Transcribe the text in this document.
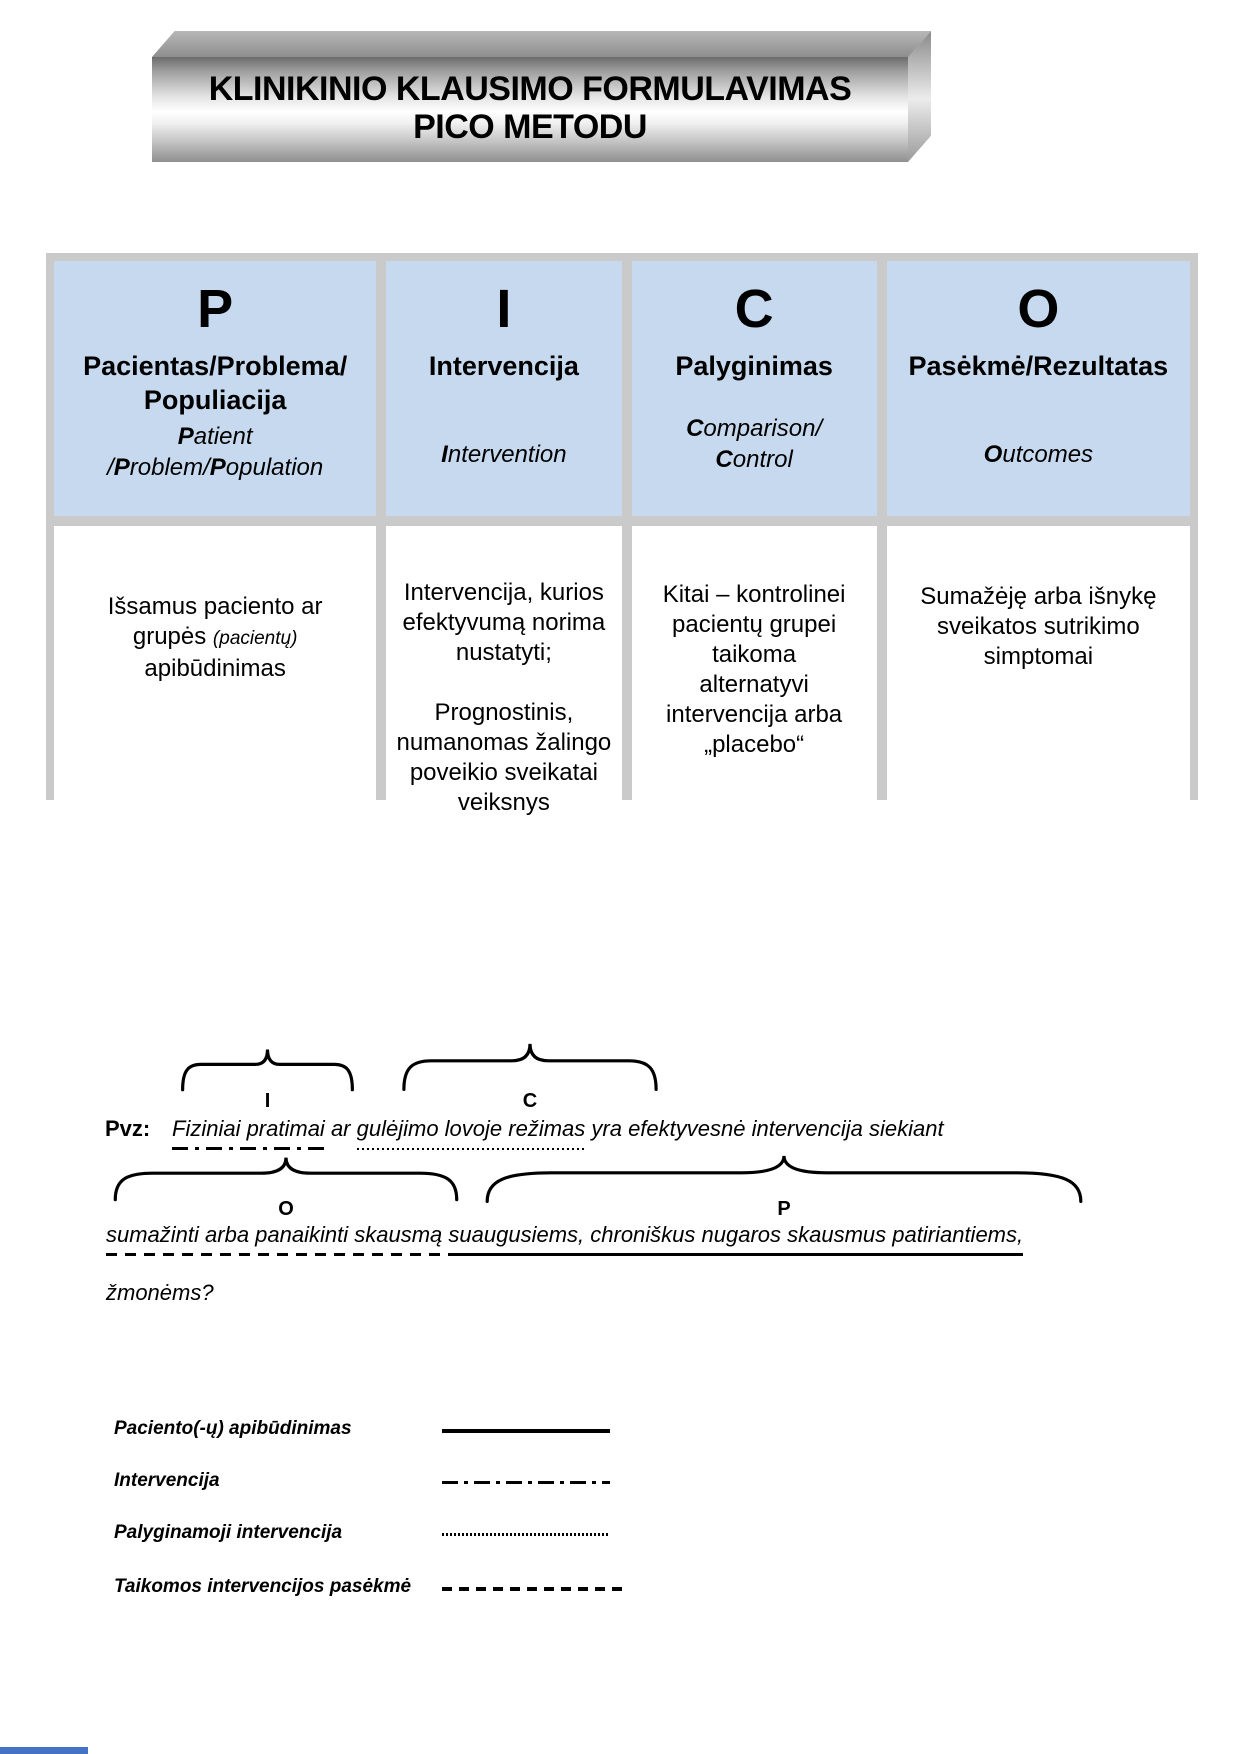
KLINIKINIO KLAUSIMO FORMULAVIMAS
PICO METODU
P
Pacientas/Problema/
Populiacija
Patient
/Problem/Population
I
Intervencija
Intervention
C
Palyginimas
Comparison/
Control
O
Pasėkmė/Rezultatas
Outcomes
Išsamus paciento ar
grupės (pacientų)
apibūdinimas
Intervencija, kurios
efektyvumą norima
nustatyti;

Prognostinis,
numanomas žalingo
poveikio sveikatai
veiksnys
Kitai – kontrolinei
pacientų grupei
taikoma
alternatyvi
intervencija arba
„placebo“
Sumažėję arba išnykę
sveikatos sutrikimo
simptomai
I	C
Pvz: Fiziniai pratimai ar gulėjimo lovoje režimas yra efektyvesnė intervencija siekiant
O	P
sumažinti arba panaikinti skausmą suaugusiems, chroniškus nugaros skausmus patiriantiems,
žmonėms?
Paciento(-ų) apibūdinimas
Intervencija
Palyginamoji intervencija
Taikomos intervencijos pasėkmė
